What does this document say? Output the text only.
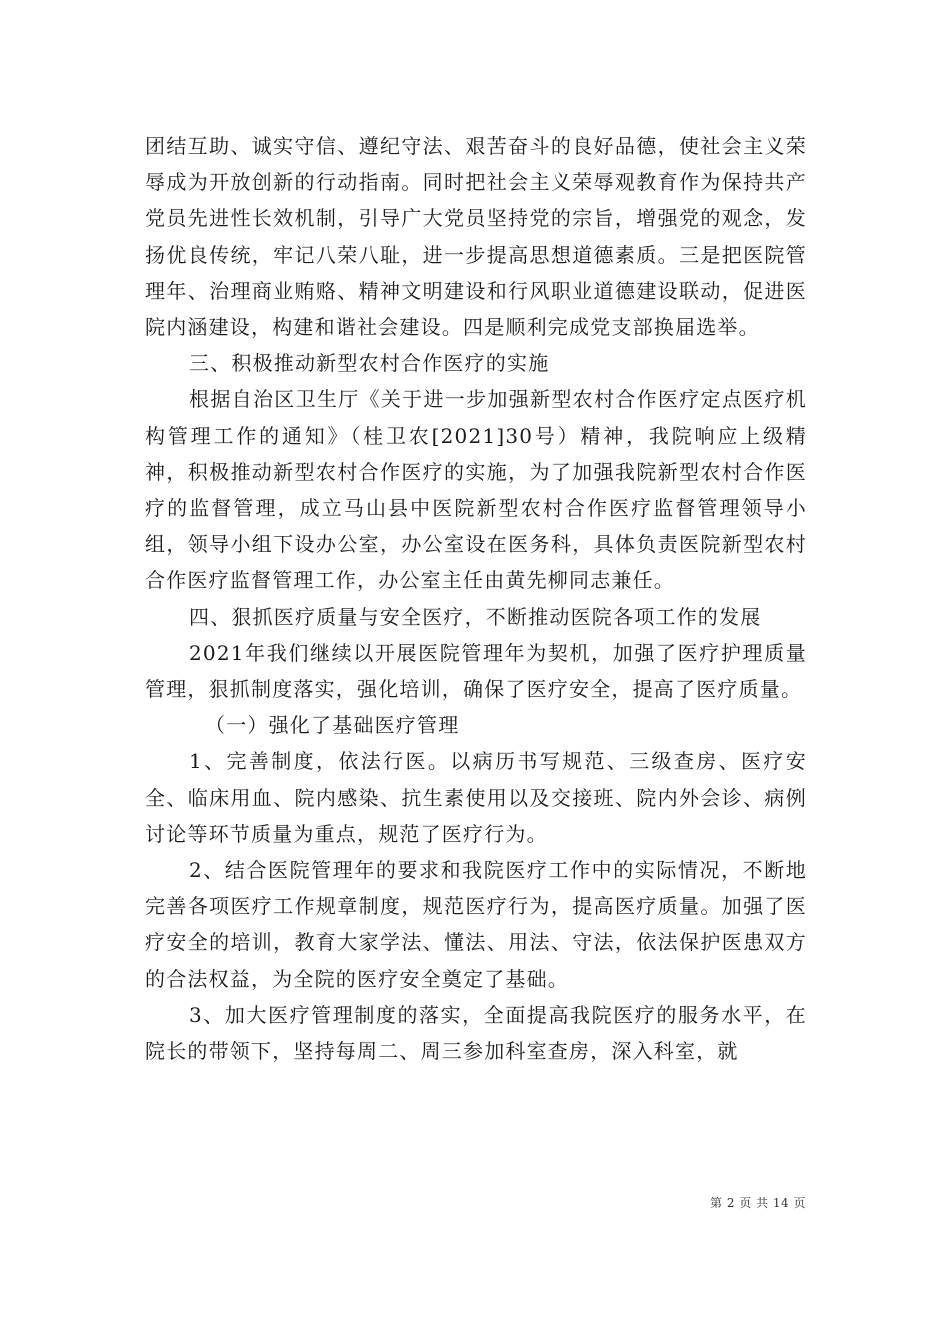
团结互助、诚实守信、遵纪守法、艰苦奋斗的良好品德，使社会主义荣辱成为开放创新的行动指南。同时把社会主义荣辱观教育作为保持共产党员先进性长效机制，引导广大党员坚持党的宗旨，增强党的观念，发扬优良传统，牢记八荣八耻，进一步提高思想道德素质。三是把医院管理年、治理商业贿赂、精神文明建设和行风职业道德建设联动，促进医院内涵建设，构建和谐社会建设。四是顺利完成党支部换届选举。

三、积极推动新型农村合作医疗的实施

根据自治区卫生厅《关于进一步加强新型农村合作医疗定点医疗机构管理工作的通知》（桂卫农[2021]30号）精神，我院响应上级精神，积极推动新型农村合作医疗的实施，为了加强我院新型农村合作医疗的监督管理，成立马山县中医院新型农村合作医疗监督管理领导小组，领导小组下设办公室，办公室设在医务科，具体负责医院新型农村合作医疗监督管理工作，办公室主任由黄先柳同志兼任。

四、狠抓医疗质量与安全医疗，不断推动医院各项工作的发展

2021年我们继续以开展医院管理年为契机，加强了医疗护理质量管理，狠抓制度落实，强化培训，确保了医疗安全，提高了医疗质量。

（一）强化了基础医疗管理

1、完善制度，依法行医。以病历书写规范、三级查房、医疗安全、临床用血、院内感染、抗生素使用以及交接班、院内外会诊、病例讨论等环节质量为重点，规范了医疗行为。

2、结合医院管理年的要求和我院医疗工作中的实际情况，不断地完善各项医疗工作规章制度，规范医疗行为，提高医疗质量。加强了医疗安全的培训，教育大家学法、懂法、用法、守法，依法保护医患双方的合法权益，为全院的医疗安全奠定了基础。

3、加大医疗管理制度的落实，全面提高我院医疗的服务水平，在院长的带领下，坚持每周二、周三参加科室查房，深入科室，就

第 2 页 共 14 页
